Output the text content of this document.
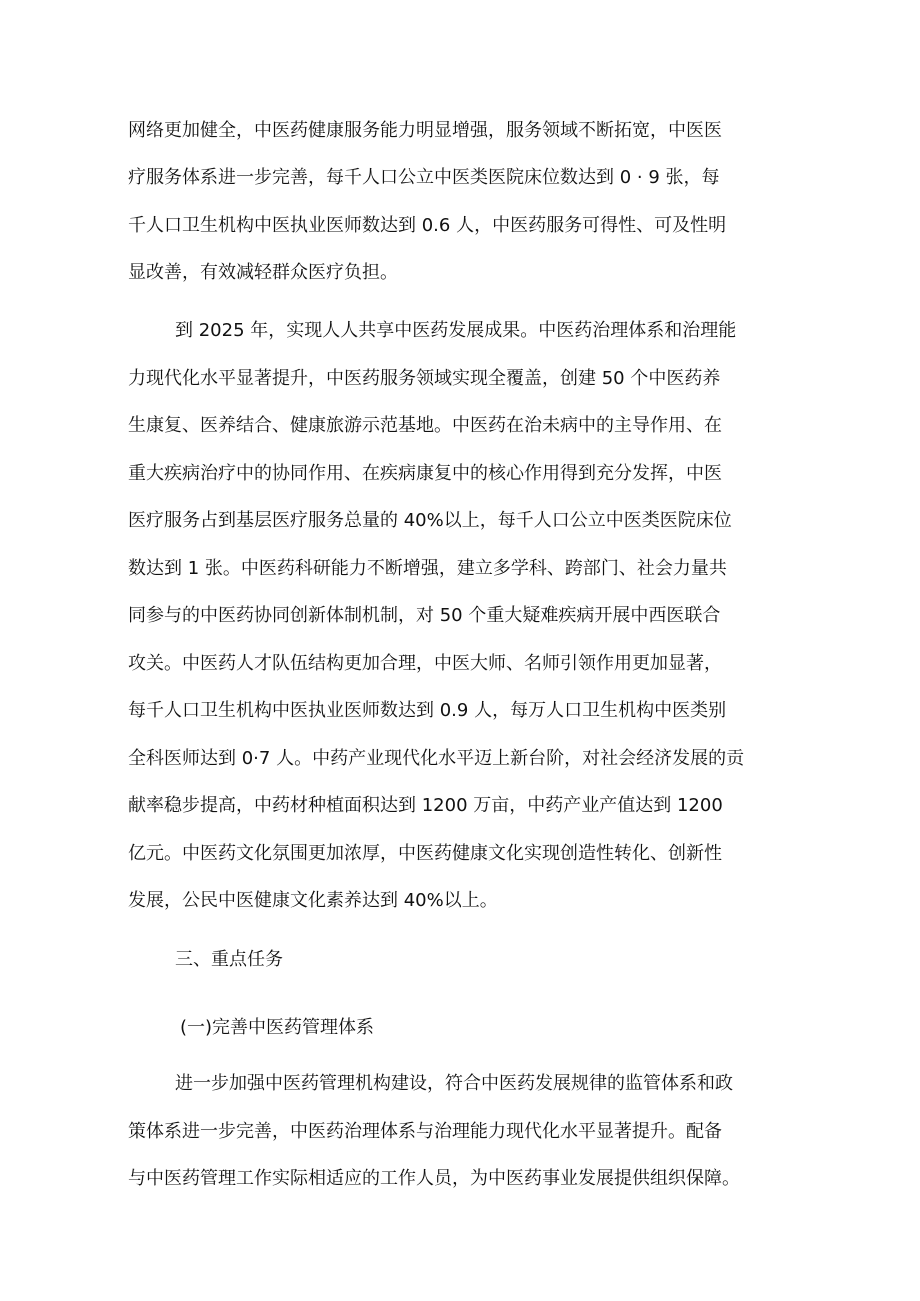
网络更加健全，中医药健康服务能力明显增强，服务领域不断拓宽，中医医
疗服务体系进一步完善，每千人口公立中医类医院床位数达到 0 · 9 张，每
千人口卫生机构中医执业医师数达到 0.6 人，中医药服务可得性、可及性明
显改善，有效减轻群众医疗负担。
到 2025 年，实现人人共享中医药发展成果。中医药治理体系和治理能
力现代化水平显著提升，中医药服务领域实现全覆盖，创建 50 个中医药养
生康复、医养结合、健康旅游示范基地。中医药在治未病中的主导作用、在
重大疾病治疗中的协同作用、在疾病康复中的核心作用得到充分发挥，中医
医疗服务占到基层医疗服务总量的 40%以上，每千人口公立中医类医院床位
数达到 1 张。中医药科研能力不断增强，建立多学科、跨部门、社会力量共
同参与的中医药协同创新体制机制，对 50 个重大疑难疾病开展中西医联合
攻关。中医药人才队伍结构更加合理，中医大师、名师引领作用更加显著，
每千人口卫生机构中医执业医师数达到 0.9 人，每万人口卫生机构中医类别
全科医师达到 0·7 人。中药产业现代化水平迈上新台阶，对社会经济发展的贡
献率稳步提高，中药材种植面积达到 1200 万亩，中药产业产值达到 1200
亿元。中医药文化氛围更加浓厚，中医药健康文化实现创造性转化、创新性
发展，公民中医健康文化素养达到 40%以上。
三、重点任务
(一)完善中医药管理体系
进一步加强中医药管理机构建设，符合中医药发展规律的监管体系和政
策体系进一步完善，中医药治理体系与治理能力现代化水平显著提升。配备
与中医药管理工作实际相适应的工作人员，为中医药事业发展提供组织保障。
